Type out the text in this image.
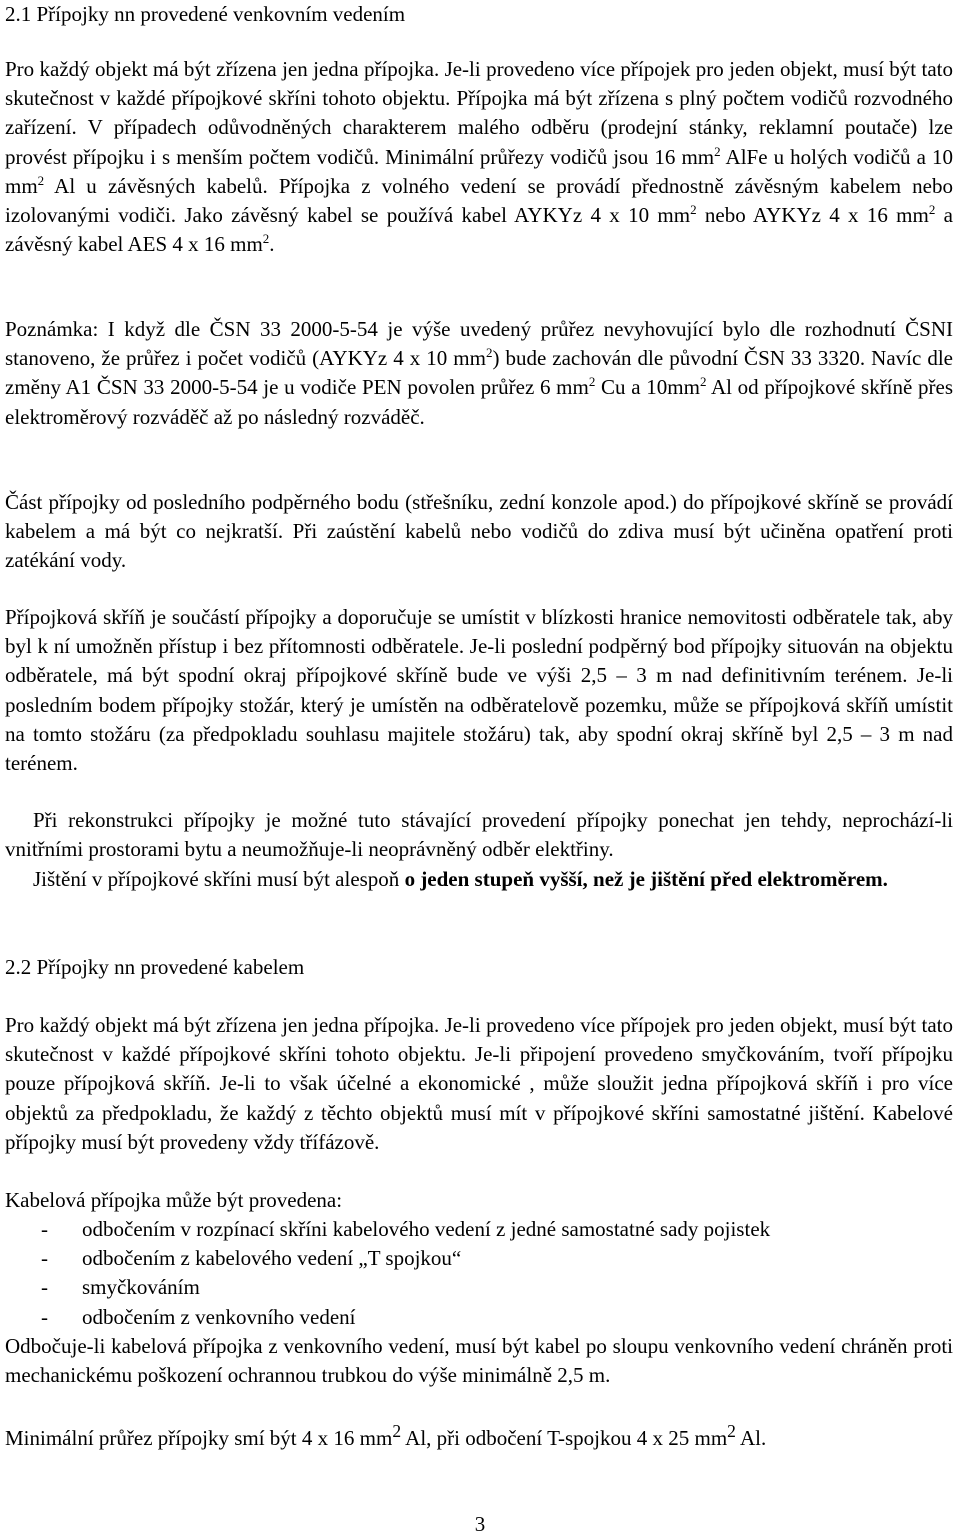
2.1 Přípojky nn provedené venkovním vedením

Pro každý objekt má být zřízena jen jedna přípojka. Je-li provedeno více přípojek pro jeden objekt, musí být tato skutečnost v každé přípojkové skříni tohoto objektu. Přípojka má být zřízena s plný počtem vodičů rozvodného zařízení. V případech odůvodněných charakterem malého odběru (prodejní stánky, reklamní poutače) lze provést přípojku i s menším počtem vodičů. Minimální průřezy vodičů jsou 16 $mm^2$ AlFe u holých vodičů a 10 $mm^2$ Al u závěsných kabelů. Přípojka z volného vedení se provádí přednostně závěsným kabelem nebo izolovanými vodiči. Jako závěsný kabel se používá kabel AYKYz 4 x 10 $mm^2$ nebo AYKYz 4 x 16 $mm^2$ a závěsný kabel AES 4 x 16 $mm^2$.

Poznámka: I když dle ČSN 33 2000-5-54 je výše uvedený průřez nevyhovující bylo dle rozhodnutí ČSNI stanoveno, že průřez i počet vodičů (AYKYz 4 x 10 $mm^2$) bude zachován dle původní ČSN 33 3320. Navíc dle změny A1 ČSN 33 2000-5-54 je u vodiče PEN povolen průřez 6 $mm^2$ Cu a $10mm^2$ Al od přípojkové skříně přes elektroměrový rozváděč až po následný rozváděč.

Část přípojky od posledního podpěrného bodu (střešníku, zední konzole apod.) do přípojkové skříně se provádí kabelem a má být co nejkratší. Při zaústění kabelů nebo vodičů do zdiva musí být učiněna opatření proti zatékání vody.

Přípojková skříň je součástí přípojky a doporučuje se umístit v blízkosti hranice nemovitosti odběratele tak, aby byl k ní umožněn přístup i bez přítomnosti odběratele. Je-li poslední podpěrný bod přípojky situován na objektu odběratele, má být spodní okraj přípojkové skříně bude ve výši 2,5 – 3 m nad definitivním terénem. Je-li posledním bodem přípojky stožár, který je umístěn na odběratelově pozemku, může se přípojková skříň umístit na tomto stožáru (za předpokladu souhlasu majitele stožáru) tak, aby spodní okraj skříně byl 2,5 – 3 m nad terénem.

Při rekonstrukci přípojky je možné tuto stávající provedení přípojky ponechat jen tehdy, neprochází-li vnitřními prostorami bytu a neumožňuje-li neoprávněný odběr elektřiny.

Jištění v přípojkové skříni musí být alespoň o jeden stupeň vyšší, než je jištění před elektroměrem.

2.2 Přípojky nn provedené kabelem

Pro každý objekt má být zřízena jen jedna přípojka. Je-li provedeno více přípojek pro jeden objekt, musí být tato skutečnost v každé přípojkové skříni tohoto objektu. Je-li připojení provedeno smyčkováním, tvoří přípojku pouze přípojková skříň. Je-li to však účelné a ekonomické , může sloužit jedna přípojková skříň i pro více objektů za předpokladu, že každý z těchto objektů musí mít v přípojkové skříni samostatné jištění. Kabelové přípojky musí být provedeny vždy třífázově.

Kabelová přípojka může být provedena:

- odbočením v rozpínací skříni kabelového vedení z jedné samostatné sady pojistek
- odbočením z kabelového vedení „T spojkou“
- smyčkováním
- odbočením z venkovního vedení

Odbočuje-li kabelová přípojka z venkovního vedení, musí být kabel po sloupu venkovního vedení chráněn proti mechanickému poškození ochrannou trubkou do výše minimálně 2,5 m.

Minimální průřez přípojky smí být 4 x 16 $mm^2$ Al, při odbočení T-spojkou 4 x 25 $mm^2$ Al.

3
